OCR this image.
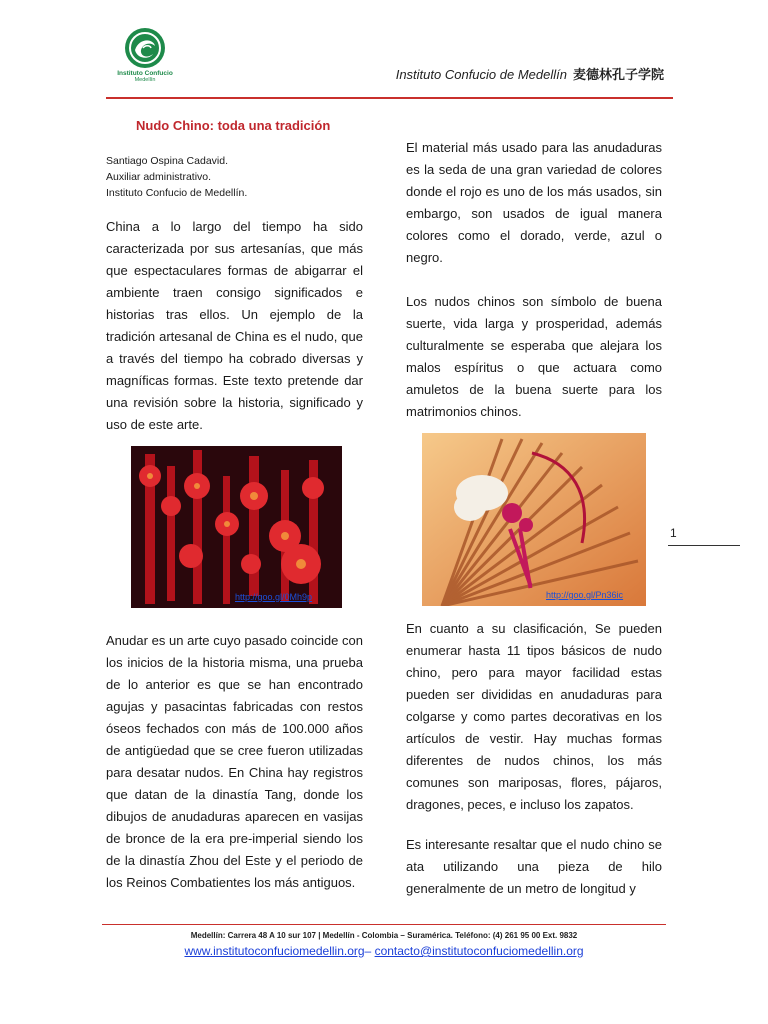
Instituto Confucio
Medellín	Instituto Confucio de Medellín 麦德林孔子学院
Nudo Chino: toda una tradición
Santiago Ospina Cadavid.
Auxiliar administrativo.
Instituto Confucio de Medellín.

China a lo largo del tiempo ha sido caracterizada por sus artesanías, que más que espectaculares formas de abigarrar el ambiente traen consigo significados e historias tras ellos. Un ejemplo de la tradición artesanal de China es el nudo, que a través del tiempo ha cobrado diversas y magníficas formas. Este texto pretende dar una revisión sobre la historia, significado y uso de este arte.

http://goo.gl/0Mh9p

Anudar es un arte cuyo pasado coincide con los inicios de la historia misma, una prueba de lo anterior es que se han encontrado agujas y pasacintas fabricadas con restos óseos fechados con más de 100.000 años de antigüedad que se cree fueron utilizadas para desatar nudos. En China hay registros que datan de la dinastía Tang, donde los dibujos de anudaduras aparecen en vasijas de bronce de la era pre-imperial siendo los de la dinastía Zhou del Este y el periodo de los Reinos Combatientes los más antiguos.

El material más usado para las anudaduras es la seda de una gran variedad de colores donde el rojo es uno de los más usados, sin embargo, son usados de igual manera colores como el dorado, verde, azul o negro.

Los nudos chinos son símbolo de buena suerte, vida larga y prosperidad, además culturalmente se esperaba que alejara los malos espíritus o que actuara como amuletos de la buena suerte para los matrimonios chinos.

http://goo.gl/Pn36ic

En cuanto a su clasificación, Se pueden enumerar hasta 11 tipos básicos de nudo chino, pero para mayor facilidad estas pueden ser divididas en anudaduras para colgarse y como partes decorativas en los artículos de vestir. Hay muchas formas diferentes de nudos chinos, los más comunes son mariposas, flores, pájaros, dragones, peces, e incluso los zapatos.

Es interesante resaltar que el nudo chino se ata utilizando una pieza de hilo generalmente de un metro de longitud y

1
Medellín: Carrera 48 A 10 sur 107 | Medellín - Colombia – Suramérica. Teléfono: (4) 261 95 00 Ext. 9832
www.institutoconfuciomedellin.org– contacto@institutoconfuciomedellin.org
